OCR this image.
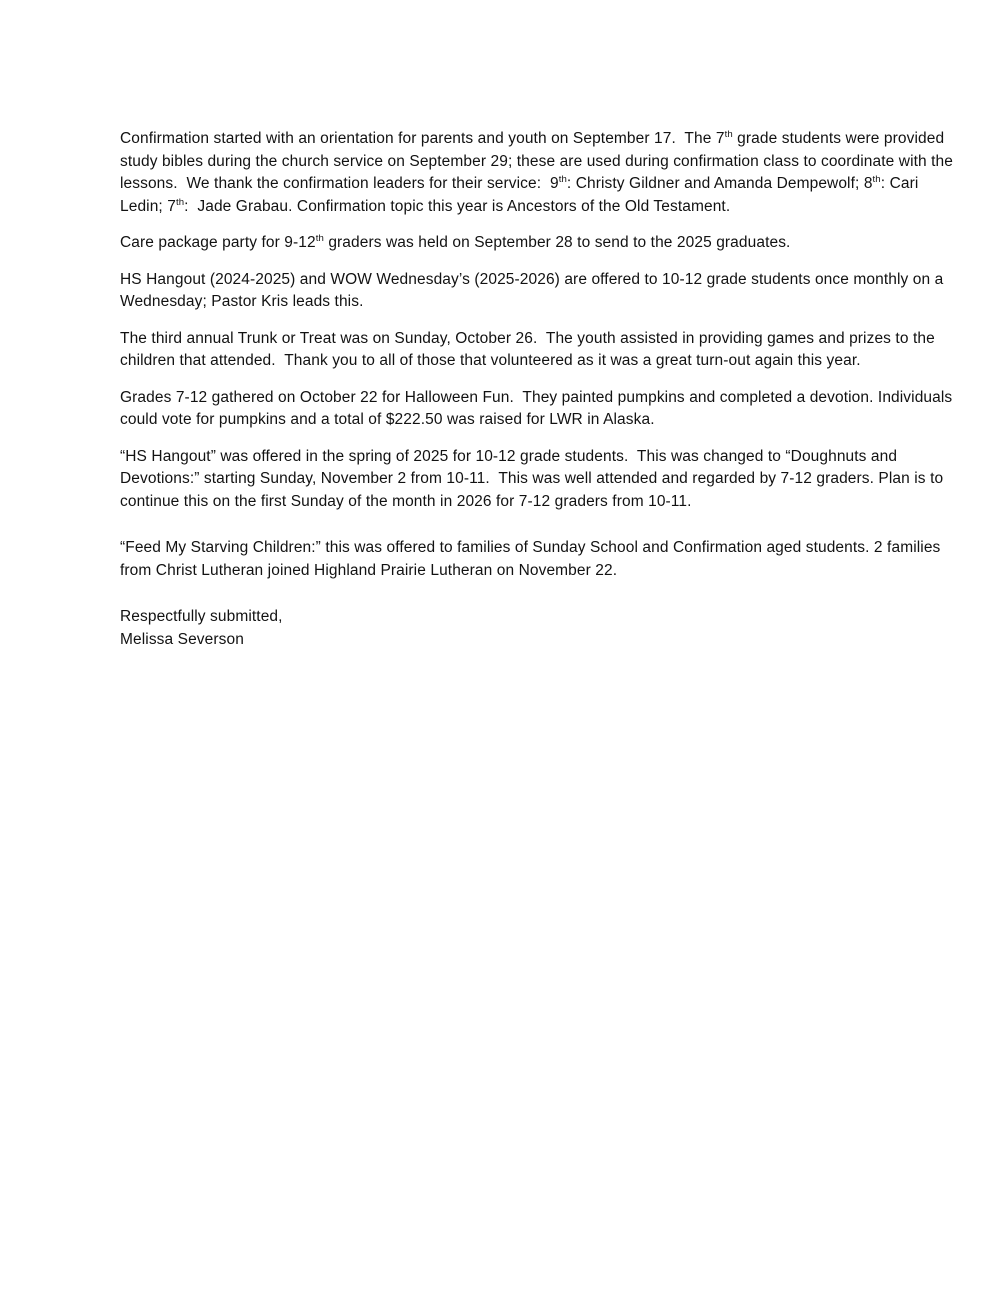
Confirmation started with an orientation for parents and youth on September 17.  The 7th grade students were provided study bibles during the church service on September 29; these are used during confirmation class to coordinate with the lessons.  We thank the confirmation leaders for their service:  9th: Christy Gildner and Amanda Dempewolf; 8th: Cari Ledin; 7th:  Jade Grabau. Confirmation topic this year is Ancestors of the Old Testament.

Care package party for 9-12th graders was held on September 28 to send to the 2025 graduates.

HS Hangout (2024-2025) and WOW Wednesday’s (2025-2026) are offered to 10-12 grade students once monthly on a Wednesday; Pastor Kris leads this.

The third annual Trunk or Treat was on Sunday, October 26.  The youth assisted in providing games and prizes to the children that attended.  Thank you to all of those that volunteered as it was a great turn-out again this year.

Grades 7-12 gathered on October 22 for Halloween Fun.  They painted pumpkins and completed a devotion. Individuals could vote for pumpkins and a total of $222.50 was raised for LWR in Alaska.

“HS Hangout” was offered in the spring of 2025 for 10-12 grade students.  This was changed to “Doughnuts and Devotions:” starting Sunday, November 2 from 10-11.  This was well attended and regarded by 7-12 graders. Plan is to continue this on the first Sunday of the month in 2026 for 7-12 graders from 10-11.

“Feed My Starving Children:” this was offered to families of Sunday School and Confirmation aged students. 2 families from Christ Lutheran joined Highland Prairie Lutheran on November 22.

Respectfully submitted,
Melissa Severson
